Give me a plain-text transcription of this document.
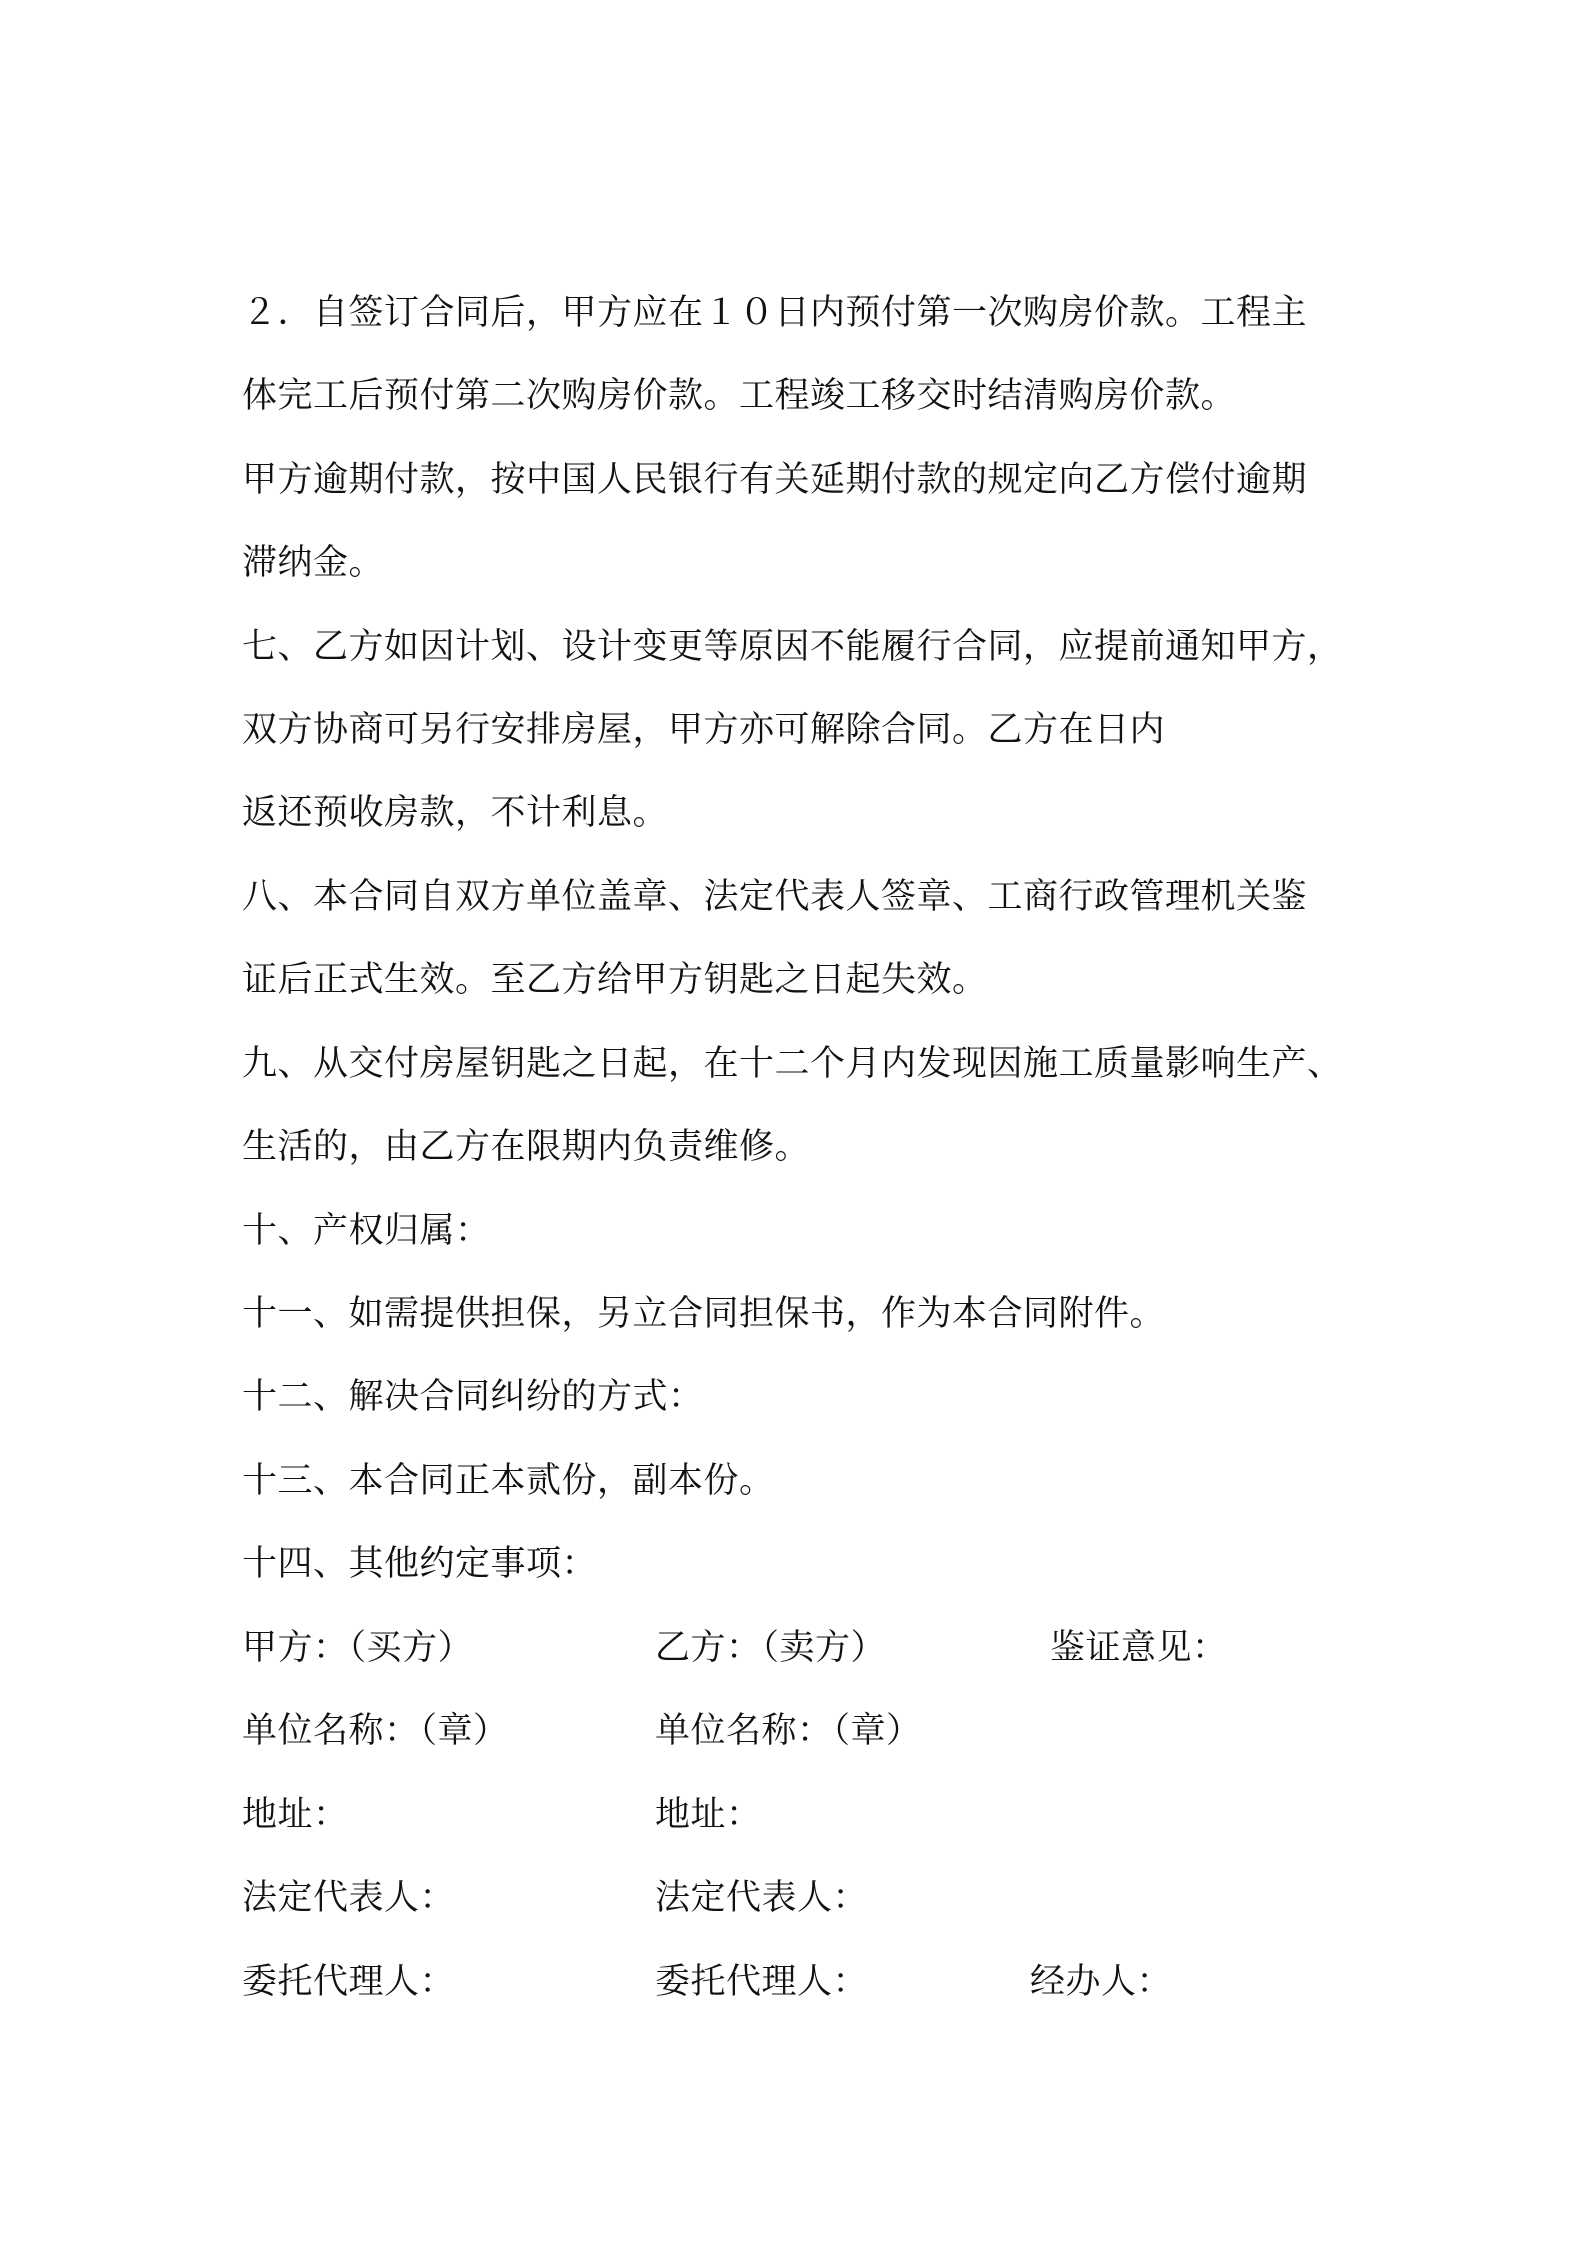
２．自签订合同后，甲方应在１０日内预付第一次购房价款。工程主
体完工后预付第二次购房价款。工程竣工移交时结清购房价款。
甲方逾期付款，按中国人民银行有关延期付款的规定向乙方偿付逾期
滞纳金。
七、乙方如因计划、设计变更等原因不能履行合同，应提前通知甲方，
双方协商可另行安排房屋，甲方亦可解除合同。乙方在日内
返还预收房款，不计利息。
八、本合同自双方单位盖章、法定代表人签章、工商行政管理机关鉴
证后正式生效。至乙方给甲方钥匙之日起失效。
九、从交付房屋钥匙之日起，在十二个月内发现因施工质量影响生产、
生活的，由乙方在限期内负责维修。
十、产权归属：
十一、如需提供担保，另立合同担保书，作为本合同附件。
十二、解决合同纠纷的方式：
十三、本合同正本贰份，副本份。
十四、其他约定事项：
甲方：（买方）	乙方：（卖方）	鉴证意见：
单位名称：（章）	单位名称：（章）
地址：	地址：
法定代表人：	法定代表人：
委托代理人：	委托代理人：	经办人：
